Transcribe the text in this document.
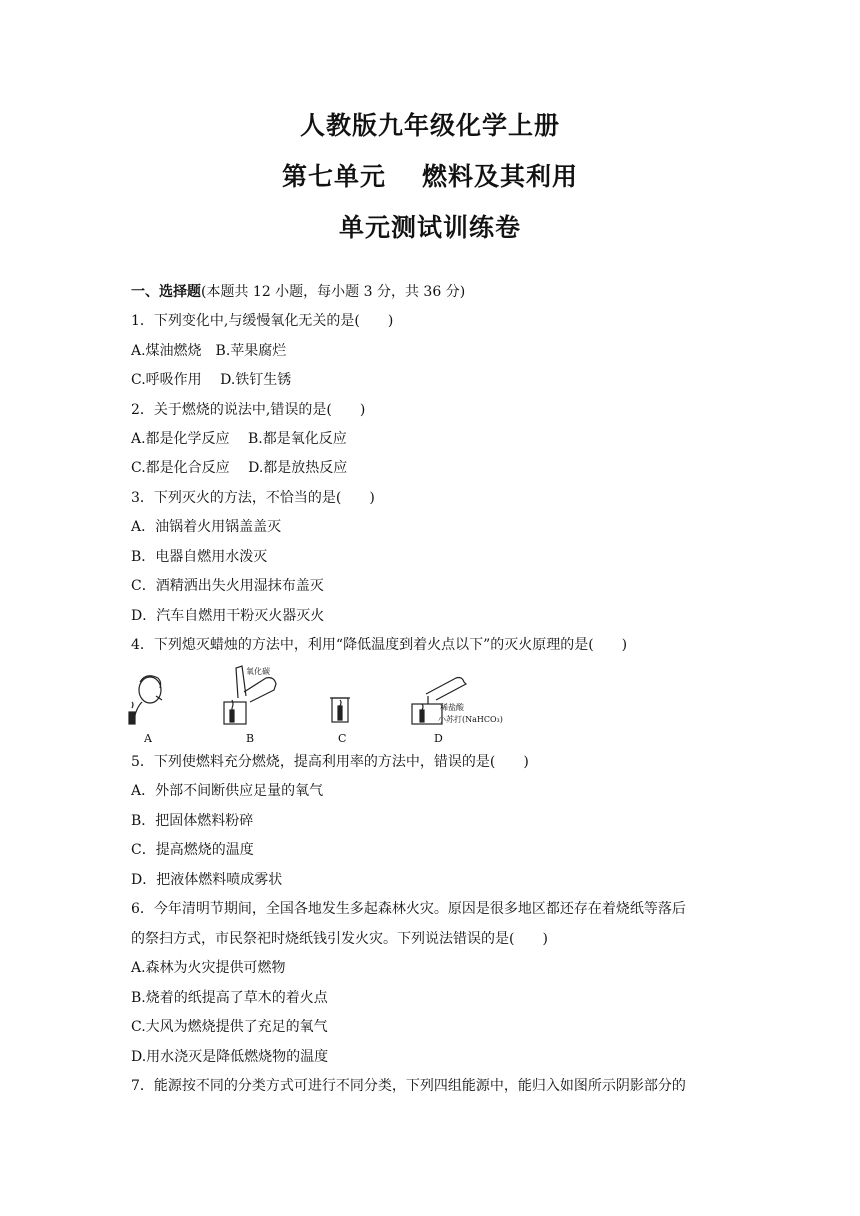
人教版九年级化学上册
第七单元 燃料及其利用
单元测试训练卷
一、选择题(本题共 12 小题，每小题 3 分，共 36 分)
1．下列变化中,与缓慢氧化无关的是(　　)
A.煤油燃烧　B.苹果腐烂
C.呼吸作用　 D.铁钉生锈
2．关于燃烧的说法中,错误的是(　　)
A.都是化学反应　 B.都是氧化反应
C.都是化合反应　 D.都是放热反应
3．下列灭火的方法，不恰当的是(　　)
A．油锅着火用锅盖盖灭
B．电器自燃用水泼灭
C．酒精洒出失火用湿抹布盖灭
D．汽车自燃用干粉灭火器灭火
4．下列熄灭蜡烛的方法中，利用“降低温度到着火点以下”的灭火原理的是(　　)
氧化碳
稀盐酸
小苏打(NaHCO₃)
A	B	C	D
5．下列使燃料充分燃烧，提高利用率的方法中，错误的是(　　)
A．外部不间断供应足量的氧气
B．把固体燃料粉碎
C．提高燃烧的温度
D．把液体燃料喷成雾状
6．今年清明节期间，全国各地发生多起森林火灾。原因是很多地区都还存在着烧纸等落后
的祭扫方式，市民祭祀时烧纸钱引发火灾。下列说法错误的是(　　)
A.森林为火灾提供可燃物
B.烧着的纸提高了草木的着火点
C.大风为燃烧提供了充足的氧气
D.用水浇灭是降低燃烧物的温度
7．能源按不同的分类方式可进行不同分类，下列四组能源中，能归入如图所示阴影部分的
